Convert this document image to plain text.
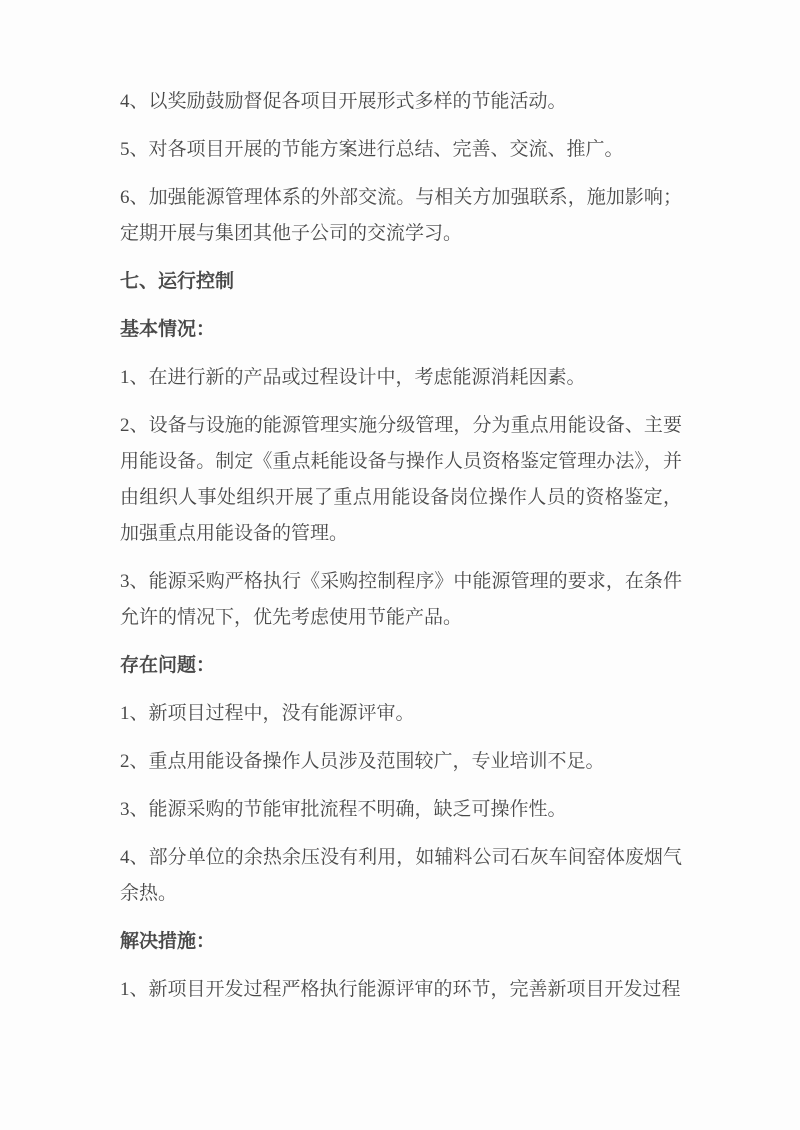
4、以奖励鼓励督促各项目开展形式多样的节能活动。
5、对各项目开展的节能方案进行总结、完善、交流、推广。
6、加强能源管理体系的外部交流。与相关方加强联系，施加影响；定期开展与集团其他子公司的交流学习。
七、运行控制
基本情况：
1、在进行新的产品或过程设计中，考虑能源消耗因素。
2、设备与设施的能源管理实施分级管理，分为重点用能设备、主要用能设备。制定《重点耗能设备与操作人员资格鉴定管理办法》，并由组织人事处组织开展了重点用能设备岗位操作人员的资格鉴定，加强重点用能设备的管理。
3、能源采购严格执行《采购控制程序》中能源管理的要求，在条件允许的情况下，优先考虑使用节能产品。
存在问题：
1、新项目过程中，没有能源评审。
2、重点用能设备操作人员涉及范围较广，专业培训不足。
3、能源采购的节能审批流程不明确，缺乏可操作性。
4、部分单位的余热余压没有利用，如辅料公司石灰车间窑体废烟气余热。
解决措施：
1、新项目开发过程严格执行能源评审的环节，完善新项目开发过程
